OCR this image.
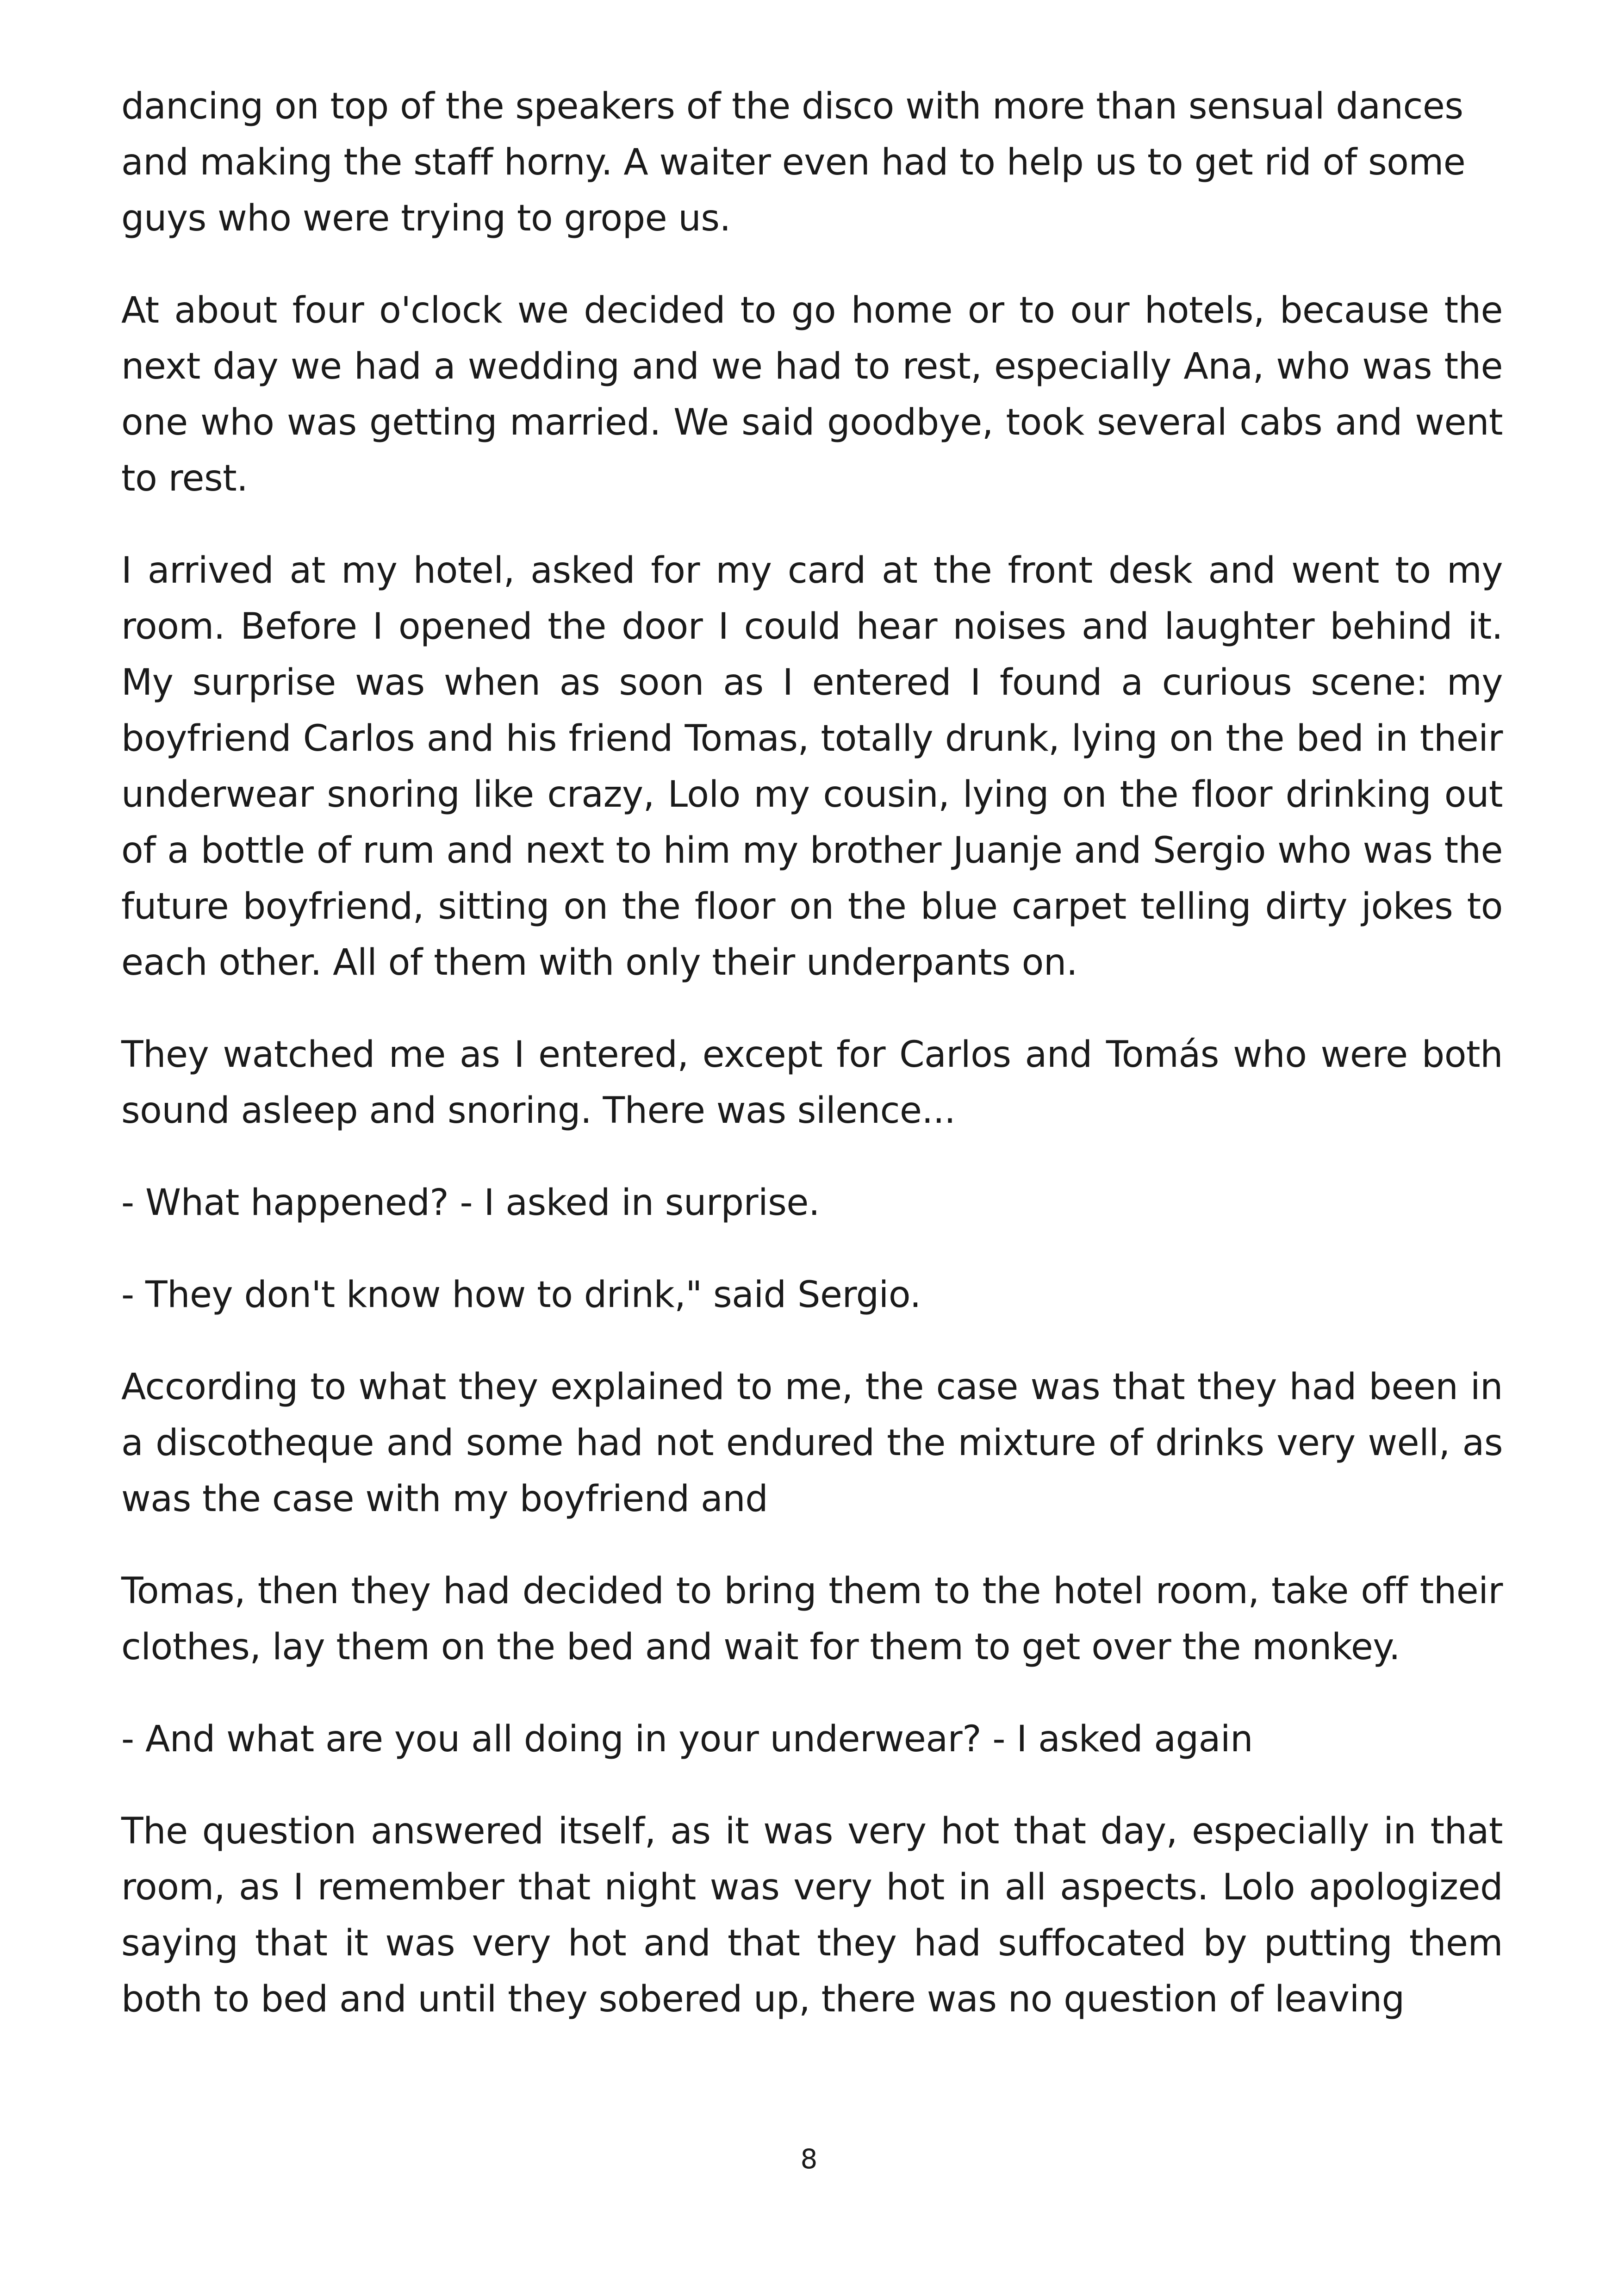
dancing on top of the speakers of the disco with more than sensual dances and making the staff horny. A waiter even had to help us to get rid of some guys who were trying to grope us.

At about four o'clock we decided to go home or to our hotels, because the next day we had a wedding and we had to rest, especially Ana, who was the one who was getting married. We said goodbye, took several cabs and went to rest.

I arrived at my hotel, asked for my card at the front desk and went to my room. Before I opened the door I could hear noises and laughter behind it. My surprise was when as soon as I entered I found a curious scene: my boyfriend Carlos and his friend Tomas, totally drunk, lying on the bed in their underwear snoring like crazy, Lolo my cousin, lying on the floor drinking out of a bottle of rum and next to him my brother Juanje and Sergio who was the future boyfriend, sitting on the floor on the blue carpet telling dirty jokes to each other. All of them with only their underpants on.

They watched me as I entered, except for Carlos and Tomás who were both sound asleep and snoring. There was silence...

- What happened? - I asked in surprise.

- They don't know how to drink," said Sergio.

According to what they explained to me, the case was that they had been in a discotheque and some had not endured the mixture of drinks very well, as was the case with my boyfriend and

Tomas, then they had decided to bring them to the hotel room, take off their clothes, lay them on the bed and wait for them to get over the monkey.

- And what are you all doing in your underwear? - I asked again

The question answered itself, as it was very hot that day, especially in that room, as I remember that night was very hot in all aspects. Lolo apologized saying that it was very hot and that they had suffocated by putting them both to bed and until they sobered up, there was no question of leaving

8
